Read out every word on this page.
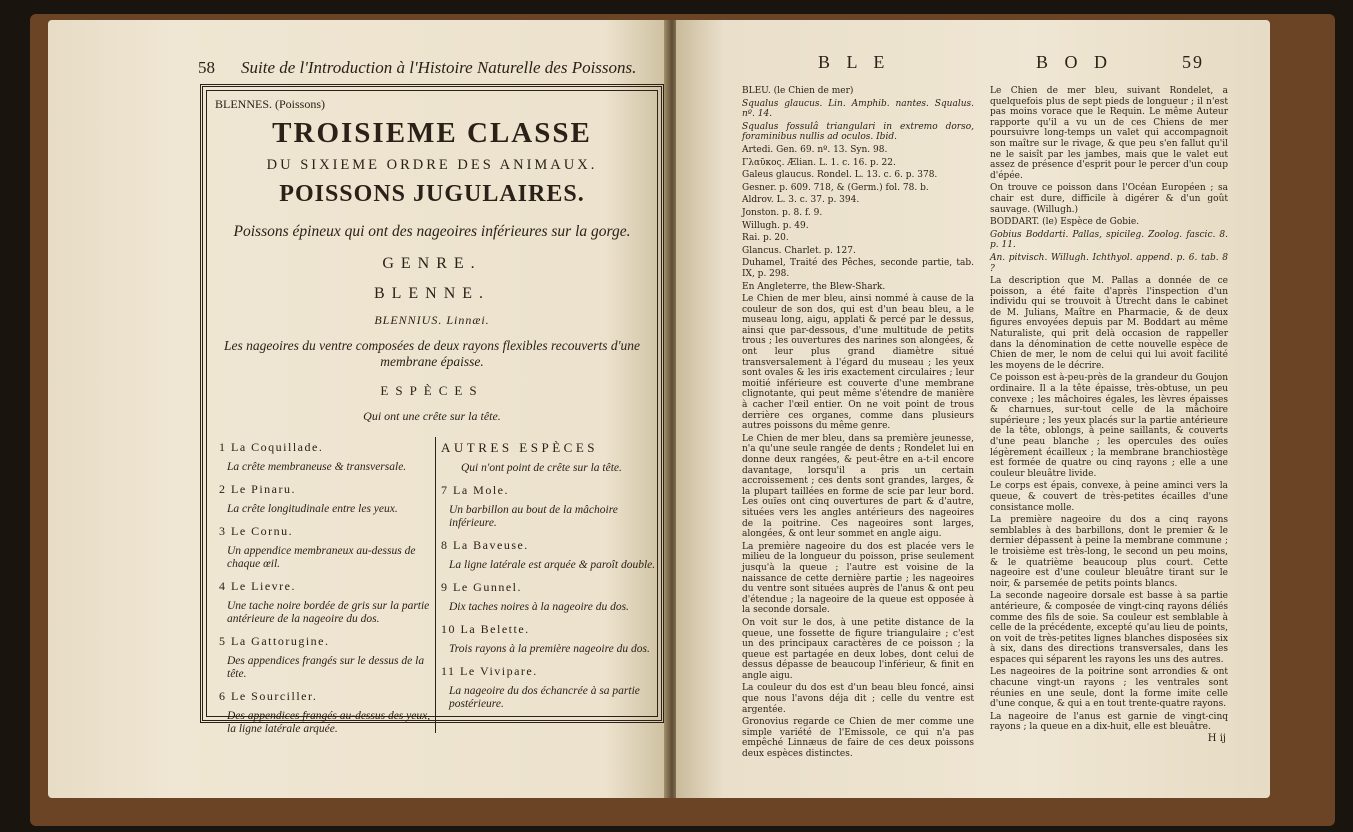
58 Suite de l'Introduction à l'Histoire Naturelle des Poissons.
BLENNES. (Poissons)
TROISIEME CLASSE
DU SIXIEME ORDRE DES ANIMAUX.
POISSONS JUGULAIRES.
Poissons épineux qui ont des nageoires inférieures sur la gorge.
GENRE.
BLENNE.
BLENNIUS. Linnæi.
Les nageoires du ventre composées de deux rayons flexibles recouverts d'une membrane épaisse.
ESPÈCES
Qui ont une crête sur la tête.
1 La Coquillade.
La crête membraneuse & transversale.
2 Le Pinaru.
La crête longitudinale entre les yeux.
3 Le Cornu.
Un appendice membraneux au-dessus de chaque œil.
4 Le Lievre.
Une tache noire bordée de gris sur la partie antérieure de la nageoire du dos.
5 La Gattorugine.
Des appendices frangés sur le dessus de la tête.
6 Le Sourciller.
Des appendices frangés au-dessus des yeux, la ligne latérale arquée.
AUTRES ESPÈCES
Qui n'ont point de crête sur la tête.
7 La Mole.
Un barbillon au bout de la mâchoire inférieure.
8 La Baveuse.
La ligne latérale est arquée & paroît double.
9 Le Gunnel.
Dix taches noires à la nageoire du dos.
10 La Belette.
Trois rayons à la première nageoire du dos.
11 Le Vivipare.
La nageoire du dos échancrée à sa partie postérieure.
B L E	B O D	59

BLEU. (le Chien de mer)

Squalus glaucus. Lin. Amphib. nantes. Squalus. nº. 14.

Squalus fossulâ triangulari in extremo dorso, foraminibus nullis ad oculos. Ibid.

Artedi. Gen. 69. nº. 13. Syn. 98.

Γλαῦκος. Ælian. L. 1. c. 16. p. 22.

Galeus glaucus. Rondel. L. 13. c. 6. p. 378.

Gesner. p. 609. 718, & (Germ.) fol. 78. b.

Aldrov. L. 3. c. 37. p. 394.

Jonston. p. 8. f. 9.

Willugh. p. 49.

Rai. p. 20.

Glancus. Charlet. p. 127.

Duhamel, Traité des Pêches, seconde partie, tab. IX, p. 298.

En Angleterre, the Blew-Shark.

Le Chien de mer bleu, ainsi nommé à cause de la couleur de son dos, qui est d'un beau bleu, a le museau long, aigu, applati & percé par le dessus, ainsi que par-dessous, d'une multitude de petits trous ; les ouvertures des narines son alongées, & ont leur plus grand diamètre situé transversalement à l'égard du museau ; les yeux sont ovales & les iris exactement circulaires ; leur moitié inférieure est couverte d'une membrane clignotante, qui peut même s'étendre de manière à cacher l'œil entier. On ne voit point de trous derrière ces organes, comme dans plusieurs autres poissons du même genre.

Le Chien de mer bleu, dans sa première jeunesse, n'a qu'une seule rangée de dents ; Rondelet lui en donne deux rangées, & peut-être en a-t-il encore davantage, lorsqu'il a pris un certain accroissement ; ces dents sont grandes, larges, & la plupart taillées en forme de scie par leur bord. Les ouïes ont cinq ouvertures de part & d'autre, situées vers les angles antérieurs des nageoires de la poitrine. Ces nageoires sont larges, alongées, & ont leur sommet en angle aigu.

La première nageoire du dos est placée vers le milieu de la longueur du poisson, prise seulement jusqu'à la queue ; l'autre est voisine de la naissance de cette dernière partie ; les nageoires du ventre sont situées auprès de l'anus & ont peu d'étendue ; la nageoire de la queue est opposée à la seconde dorsale.

On voit sur le dos, à une petite distance de la queue, une fossette de figure triangulaire ; c'est un des principaux caractères de ce poisson ; la queue est partagée en deux lobes, dont celui de dessus dépasse de beaucoup l'inférieur, & finit en angle aigu.

La couleur du dos est d'un beau bleu foncé, ainsi que nous l'avons déja dit ; celle du ventre est argentée.

Gronovius regarde ce Chien de mer comme une simple variété de l'Emissole, ce qui n'a pas empêché Linnæus de faire de ces deux poissons deux espèces distinctes.

Le Chien de mer bleu, suivant Rondelet, a quelquefois plus de sept pieds de longueur ; il n'est pas moins vorace que le Requin. Le même Auteur rapporte qu'il a vu un de ces Chiens de mer poursuivre long-temps un valet qui accompagnoit son maître sur le rivage, & que peu s'en fallut qu'il ne le saisît par les jambes, mais que le valet eut assez de présence d'esprit pour le percer d'un coup d'épée.

On trouve ce poisson dans l'Océan Européen ; sa chair est dure, difficile à digérer & d'un goût sauvage. (Willugh.)

BODDART. (le) Espèce de Gobie.

Gobius Boddarti. Pallas, spicileg. Zoolog. fascic. 8. p. 11.

An. pitvisch. Willugh. Ichthyol. append. p. 6. tab. 8 ?

La description que M. Pallas a donnée de ce poisson, a été faite d'après l'inspection d'un individu qui se trouvoit à Utrecht dans le cabinet de M. Julians, Maître en Pharmacie, & de deux figures envoyées depuis par M. Boddart au même Naturaliste, qui prit delà occasion de rappeller dans la dénomination de cette nouvelle espèce de Chien de mer, le nom de celui qui lui avoit facilité les moyens de le décrire.

Ce poisson est à-peu-près de la grandeur du Goujon ordinaire. Il a la tête épaisse, très-obtuse, un peu convexe ; les mâchoires égales, les lèvres épaisses & charnues, sur-tout celle de la mâchoire supérieure ; les yeux placés sur la partie antérieure de la tête, oblongs, à peine saillants, & couverts d'une peau blanche ; les opercules des ouïes légèrement écailleux ; la membrane branchiostège est formée de quatre ou cinq rayons ; elle a une couleur bleuâtre livide.

Le corps est épais, convexe, à peine aminci vers la queue, & couvert de très-petites écailles d'une consistance molle.

La première nageoire du dos a cinq rayons semblables à des barbillons, dont le premier & le dernier dépassent à peine la membrane commune ; le troisième est très-long, le second un peu moins, & le quatrième beaucoup plus court. Cette nageoire est d'une couleur bleuâtre tirant sur le noir, & parsemée de petits points blancs.

La seconde nageoire dorsale est basse à sa partie antérieure, & composée de vingt-cinq rayons déliés comme des fils de soie. Sa couleur est semblable à celle de la précédente, excepté qu'au lieu de points, on voit de très-petites lignes blanches disposées six à six, dans des directions transversales, dans les espaces qui séparent les rayons les uns des autres.

Les nageoires de la poitrine sont arrondies & ont chacune vingt-un rayons ; les ventrales sont réunies en une seule, dont la forme imite celle d'une conque, & qui a en tout trente-quatre rayons.

La nageoire de l'anus est garnie de vingt-cinq rayons ; la queue en a dix-huit, elle est bleuâtre.

H ij
